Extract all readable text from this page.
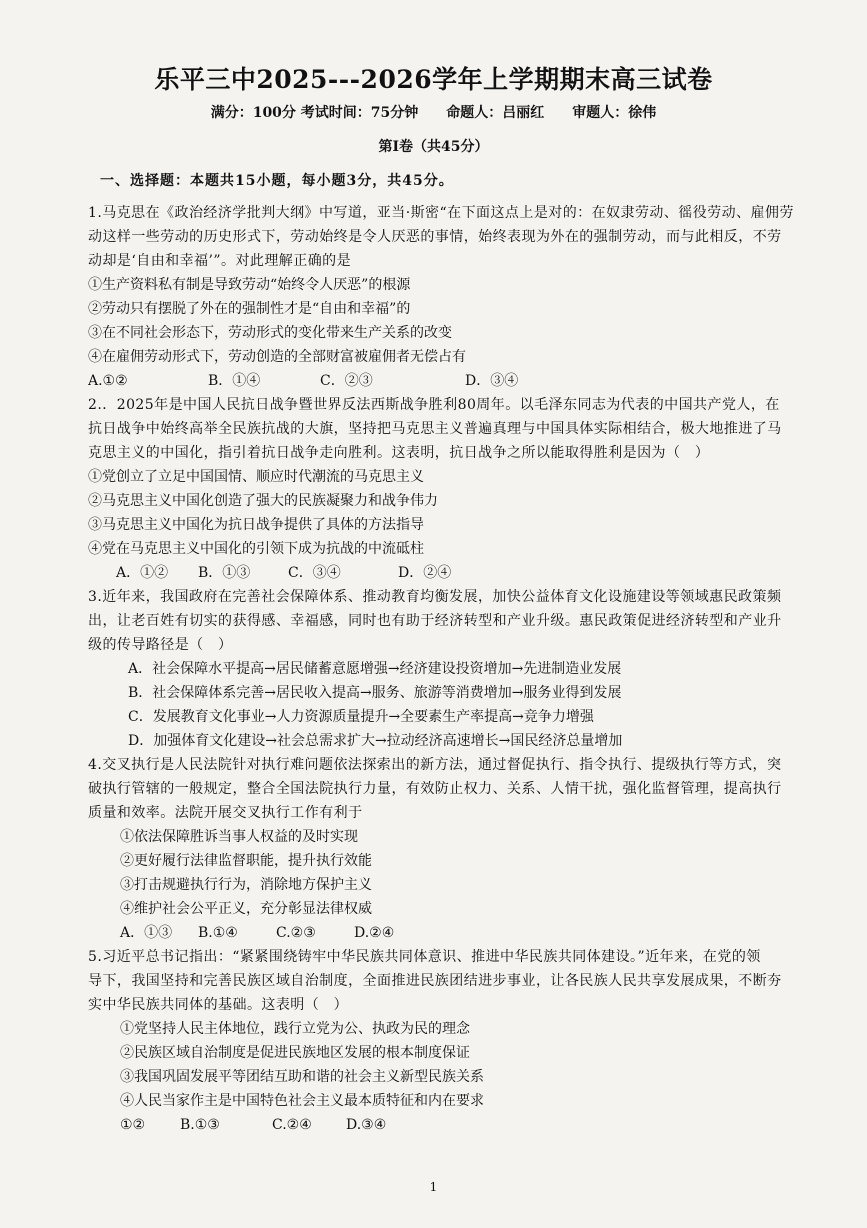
乐平三中2025---2026学年上学期期末高三试卷
满分：100分 考试时间：75分钟　　命题人：吕丽红　　审题人：徐伟
第Ⅰ卷（共45分）
一、选择题：本题共15小题，每小题3分，共45分。
1.马克思在《政治经济学批判大纲》中写道，亚当·斯密“在下面这点上是对的：在奴隶劳动、徭役劳动、雇佣劳
动这样一些劳动的历史形式下，劳动始终是令人厌恶的事情，始终表现为外在的强制劳动，而与此相反，不劳
动却是‘自由和幸福’”。对此理解正确的是
①生产资料私有制是导致劳动“始终令人厌恶”的根源
②劳动只有摆脱了外在的强制性才是“自由和幸福”的
③在不同社会形态下，劳动形式的变化带来生产关系的改变
④在雇佣劳动形式下，劳动创造的全部财富被雇佣者无偿占有
A.①②	B．①④	C．②③	D．③④
2.．2025年是中国人民抗日战争暨世界反法西斯战争胜利80周年。以毛泽东同志为代表的中国共产党人，在
抗日战争中始终高举全民族抗战的大旗，坚持把马克思主义普遍真理与中国具体实际相结合，极大地推进了马
克思主义的中国化，指引着抗日战争走向胜利。这表明，抗日战争之所以能取得胜利是因为（　）
①党创立了立足中国国情、顺应时代潮流的马克思主义
②马克思主义中国化创造了强大的民族凝聚力和战争伟力
③马克思主义中国化为抗日战争提供了具体的方法指导
④党在马克思主义中国化的引领下成为抗战的中流砥柱
A．①②	B．①③	C．③④	D．②④
3.近年来，我国政府在完善社会保障体系、推动教育均衡发展，加快公益体育文化设施建设等领域惠民政策频
出，让老百姓有切实的获得感、幸福感，同时也有助于经济转型和产业升级。惠民政策促进经济转型和产业升
级的传导路径是（　）
A．社会保障水平提高→居民储蓄意愿增强→经济建设投资增加→先进制造业发展
B．社会保障体系完善→居民收入提高→服务、旅游等消费增加→服务业得到发展
C．发展教育文化事业→人力资源质量提升→全要素生产率提高→竞争力增强
D．加强体育文化建设→社会总需求扩大→拉动经济高速增长→国民经济总量增加
4.交叉执行是人民法院针对执行难问题依法探索出的新方法，通过督促执行、指令执行、提级执行等方式，突
破执行管辖的一般规定，整合全国法院执行力量，有效防止权力、关系、人情干扰，强化监督管理，提高执行
质量和效率。法院开展交叉执行工作有利于
①依法保障胜诉当事人权益的及时实现
②更好履行法律监督职能，提升执行效能
③打击规避执行行为，消除地方保护主义
④维护社会公平正义，充分彰显法律权威
A．①③	B.①④	C.②③	D.②④
5.习近平总书记指出：“紧紧围绕铸牢中华民族共同体意识、推进中华民族共同体建设。”近年来，在党的领
导下，我国坚持和完善民族区域自治制度，全面推进民族团结进步事业，让各民族人民共享发展成果，不断夯
实中华民族共同体的基础。这表明（　）
①党坚持人民主体地位，践行立党为公、执政为民的理念
②民族区域自治制度是促进民族地区发展的根本制度保证
③我国巩固发展平等团结互助和谐的社会主义新型民族关系
④人民当家作主是中国特色社会主义最本质特征和内在要求
①②	B.①③	C.②④	D.③④
1
